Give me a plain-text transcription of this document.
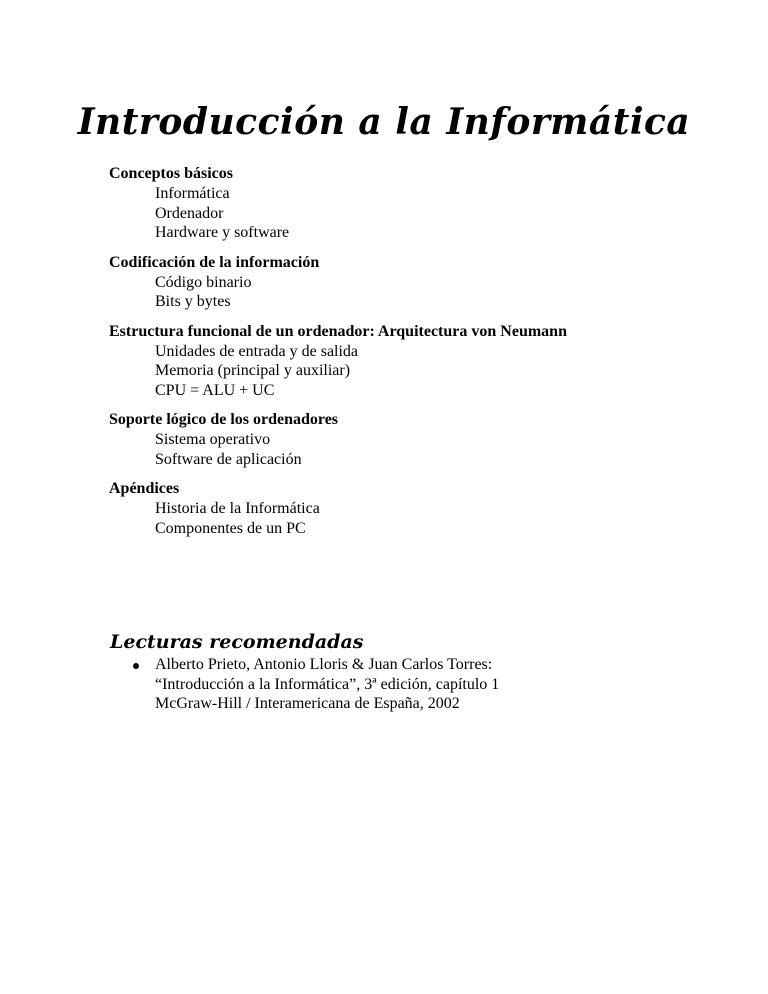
Introducción a la Informática
Conceptos básicos
Informática
Ordenador
Hardware y software
Codificación de la información
Código binario
Bits y bytes
Estructura funcional de un ordenador: Arquitectura von Neumann
Unidades de entrada y de salida
Memoria (principal y auxiliar)
CPU = ALU + UC
Soporte lógico de los ordenadores
Sistema operativo
Software de aplicación
Apéndices
Historia de la Informática
Componentes de un PC
Lecturas recomendadas
Alberto Prieto, Antonio Lloris & Juan Carlos Torres:
“Introducción a la Informática”, 3ª edición, capítulo 1
McGraw-Hill / Interamericana de España, 2002
